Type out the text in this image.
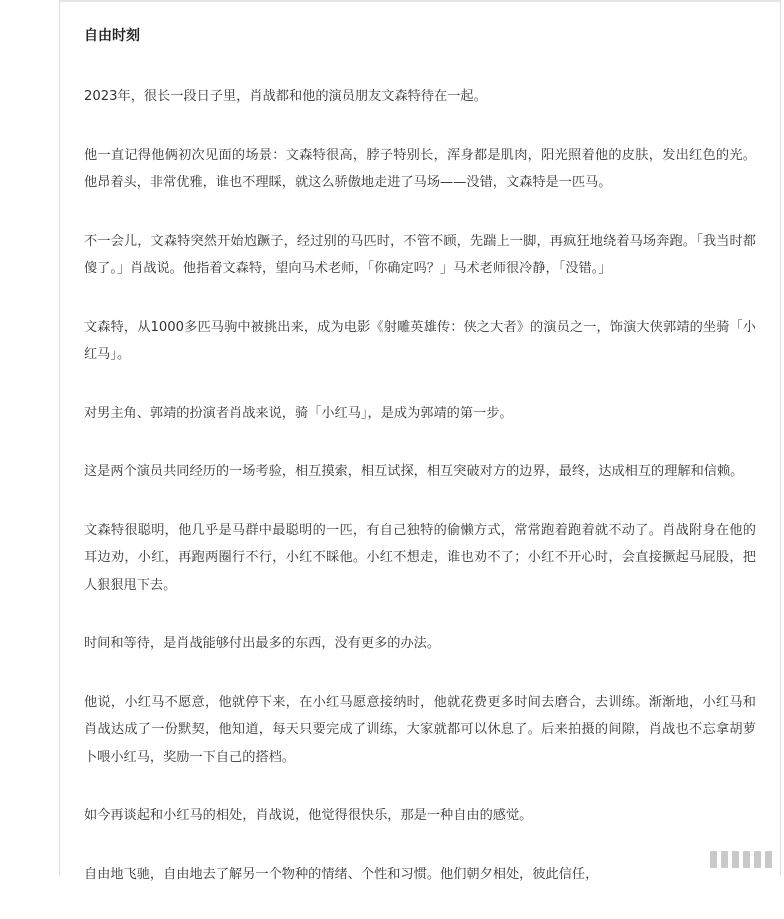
自由时刻

2023年，很长一段日子里，肖战都和他的演员朋友文森特待在一起。

他一直记得他俩初次见面的场景：文森特很高，脖子特别长，浑身都是肌肉，阳光照着他的皮肤，发出红色的光。他昂着头，非常优雅，谁也不理睬，就这么骄傲地走进了马场——没错，文森特是一匹马。

不一会儿，文森特突然开始尥蹶子，经过别的马匹时，不管不顾，先踹上一脚，再疯狂地绕着马场奔跑。「我当时都傻了。」肖战说。他指着文森特，望向马术老师，「你确定吗？」马术老师很冷静，「没错。」

文森特，从1000多匹马驹中被挑出来，成为电影《射雕英雄传：侠之大者》的演员之一，饰演大侠郭靖的坐骑「小红马」。

对男主角、郭靖的扮演者肖战来说，骑「小红马」，是成为郭靖的第一步。

这是两个演员共同经历的一场考验，相互摸索，相互试探，相互突破对方的边界，最终，达成相互的理解和信赖。

文森特很聪明，他几乎是马群中最聪明的一匹，有自己独特的偷懒方式，常常跑着跑着就不动了。肖战附身在他的耳边劝，小红，再跑两圈行不行，小红不睬他。小红不想走，谁也劝不了；小红不开心时，会直接撅起马屁股，把人狠狠甩下去。

时间和等待，是肖战能够付出最多的东西，没有更多的办法。

他说，小红马不愿意，他就停下来，在小红马愿意接纳时，他就花费更多时间去磨合，去训练。渐渐地，小红马和肖战达成了一份默契，他知道，每天只要完成了训练，大家就都可以休息了。后来拍摄的间隙，肖战也不忘拿胡萝卜喂小红马，奖励一下自己的搭档。

如今再谈起和小红马的相处，肖战说，他觉得很快乐，那是一种自由的感觉。

自由地飞驰，自由地去了解另一个物种的情绪、个性和习惯。他们朝夕相处，彼此信任，
